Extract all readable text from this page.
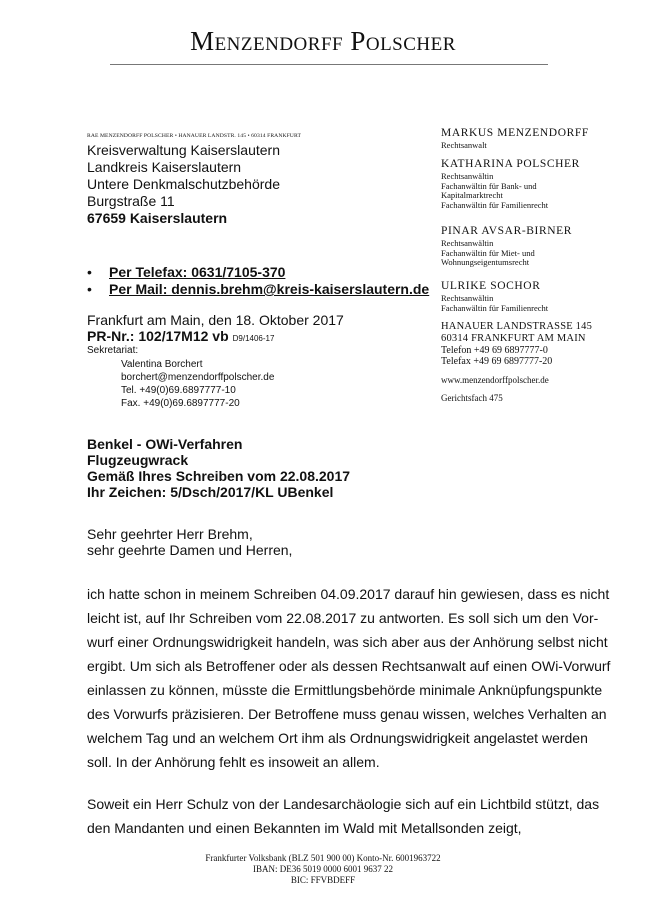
Menzendorff Polscher
RAE MENZENDORFF POLSCHER • HANAUER LANDSTR. 145 • 60314 FRANKFURT
Kreisverwaltung Kaiserslautern
Landkreis Kaiserslautern
Untere Denkmalschutzbehörde
Burgstraße 11
67659 Kaiserslautern
• Per Telefax: 0631/7105-370
• Per Mail: dennis.brehm@kreis-kaiserslautern.de
Frankfurt am Main, den 18. Oktober 2017
PR-Nr.: 102/17M12 vb D9/1406-17
Sekretariat:
Valentina Borchert
borchert@menzendorffpolscher.de
Tel. +49(0)69.6897777-10
Fax. +49(0)69.6897777-20
Benkel - OWi-Verfahren
Flugzeugwrack
Gemäß Ihres Schreiben vom 22.08.2017
Ihr Zeichen: 5/Dsch/2017/KL UBenkel
Sehr geehrter Herr Brehm,
sehr geehrte Damen und Herren,
ich hatte schon in meinem Schreiben 04.09.2017 darauf hin gewiesen, dass es nicht
leicht ist, auf Ihr Schreiben vom 22.08.2017 zu antworten. Es soll sich um den Vor-
wurf einer Ordnungswidrigkeit handeln, was sich aber aus der Anhörung selbst nicht
ergibt. Um sich als Betroffener oder als dessen Rechtsanwalt auf einen OWi-Vorwurf
einlassen zu können, müsste die Ermittlungsbehörde minimale Anknüpfungspunkte
des Vorwurfs präzisieren. Der Betroffene muss genau wissen, welches Verhalten an
welchem Tag und an welchem Ort ihm als Ordnungswidrigkeit angelastet werden
soll. In der Anhörung fehlt es insoweit an allem.
Soweit ein Herr Schulz von der Landesarchäologie sich auf ein Lichtbild stützt, das
den Mandanten und einen Bekannten im Wald mit Metallsonden zeigt,
MARKUS MENZENDORFF
Rechtsanwalt
KATHARINA POLSCHER
Rechtsanwältin
Fachanwältin für Bank- und
Kapitalmarktrecht
Fachanwältin für Familienrecht
PINAR AVSAR-BIRNER
Rechtsanwältin
Fachanwältin für Miet- und
Wohnungseigentumsrecht
ULRIKE SOCHOR
Rechtsanwältin
Fachanwältin für Familienrecht
HANAUER LANDSTRASSE 145
60314 FRANKFURT AM MAIN
Telefon +49 69 6897777-0
Telefax +49 69 6897777-20
www.menzendorffpolscher.de
Gerichtsfach 475
Frankfurter Volksbank (BLZ 501 900 00) Konto-Nr. 6001963722
IBAN: DE36 5019 0000 6001 9637 22
BIC: FFVBDEFF
